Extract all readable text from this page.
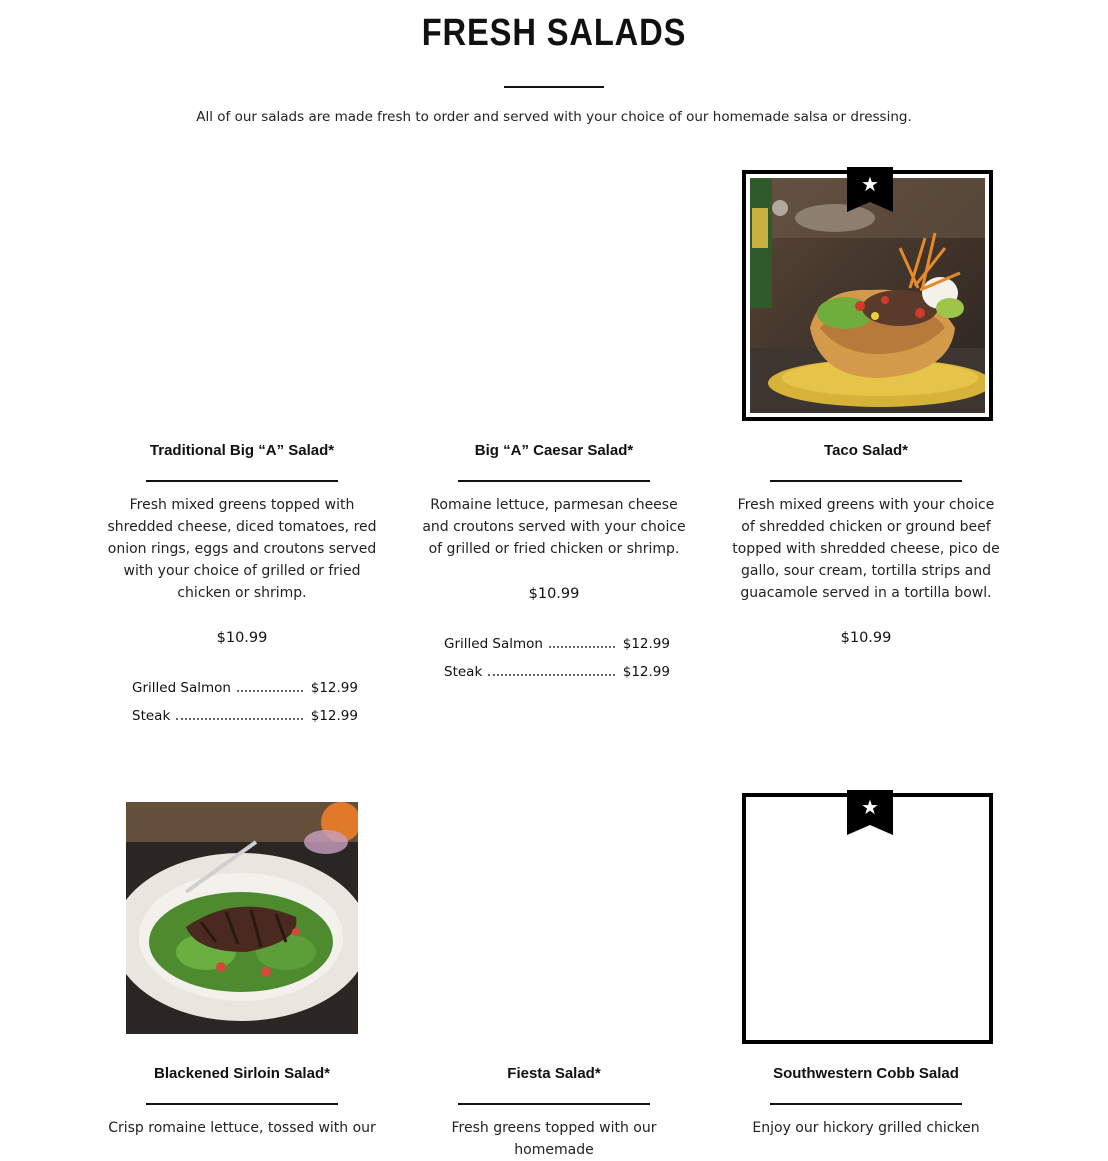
FRESH SALADS
All of our salads are made fresh to order and served with your choice of our homemade salsa or dressing.
Traditional Big “A” Salad*
Fresh mixed greens topped with shredded cheese, diced tomatoes, red onion rings, eggs and croutons served with your choice of grilled or fried chicken or shrimp.
$10.99
Grilled Salmon	$12.99
Steak	$12.99
Big “A” Caesar Salad*
Romaine lettuce, parmesan cheese and croutons served with your choice of grilled or fried chicken or shrimp.
$10.99
Grilled Salmon	$12.99
Steak	$12.99
★
Taco Salad*
Fresh mixed greens with your choice of shredded chicken or ground beef topped with shredded cheese, pico de gallo, sour cream, tortilla strips and guacamole served in a tortilla bowl.
$10.99
Blackened Sirloin Salad*
Crisp romaine lettuce, tossed with our
Fiesta Salad*
Fresh greens topped with our homemade
★
Southwestern Cobb Salad
Enjoy our hickory grilled chicken
